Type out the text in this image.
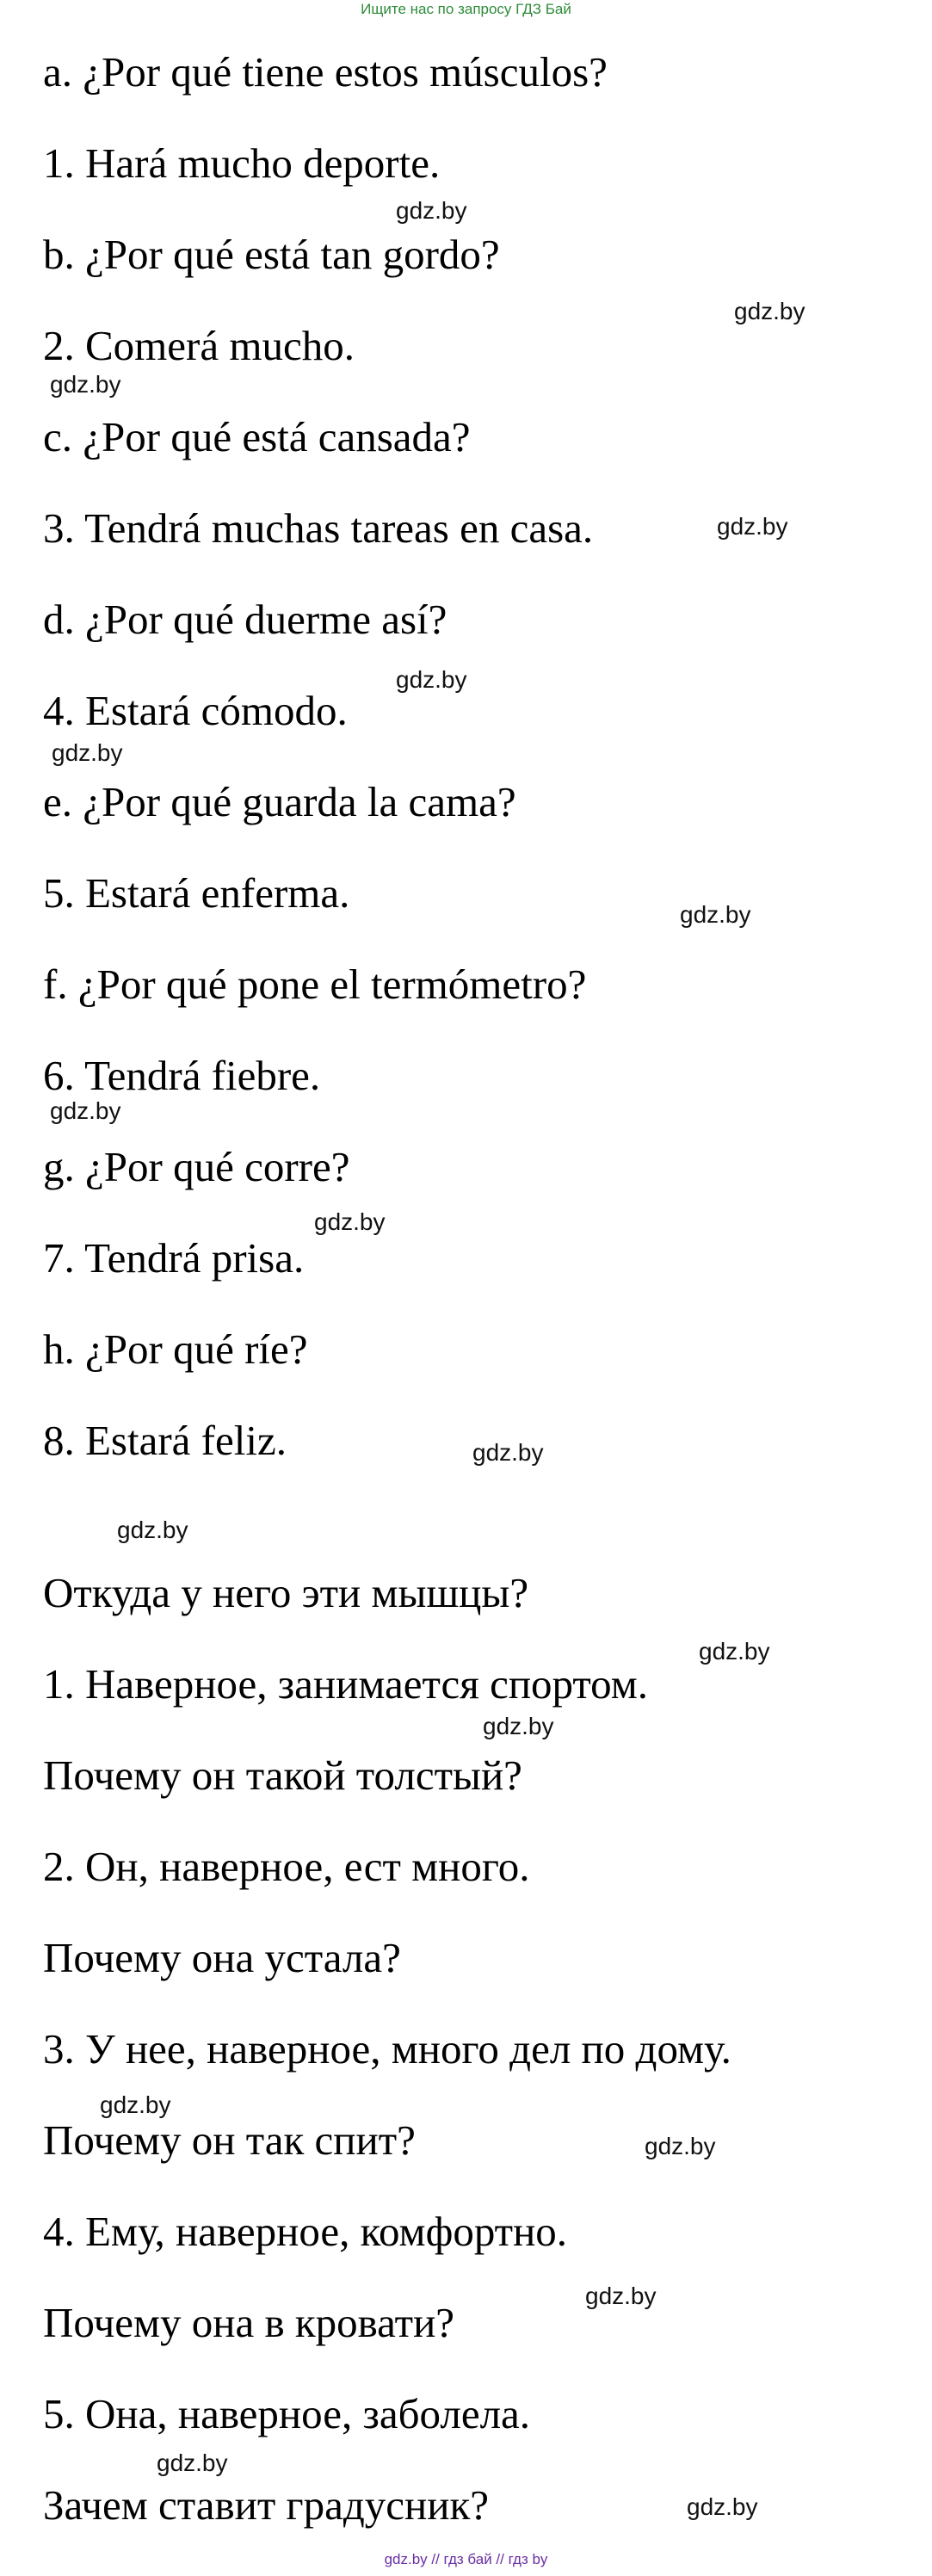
Ищите нас по запросу ГДЗ Бай
a. ¿Por qué tiene estos músculos?
1. Hará mucho deporte.
b. ¿Por qué está tan gordo?
2. Comerá mucho.
c. ¿Por qué está cansada?
3. Tendrá muchas tareas en casa.
d. ¿Por qué duerme así?
4. Estará cómodo.
e. ¿Por qué guarda la cama?
5. Estará enferma.
f. ¿Por qué pone el termómetro?
6. Tendrá fiebre.
g. ¿Por qué corre?
7. Tendrá prisa.
h. ¿Por qué ríe?
8. Estará feliz.
Откуда у него эти мышцы?
1. Наверное, занимается спортом.
Почему он такой толстый?
2. Он, наверное, ест много.
Почему она устала?
3. У нее, наверное, много дел по дому.
Почему он так спит?
4. Ему, наверное, комфортно.
Почему она в кровати?
5. Она, наверное, заболела.
Зачем ставит градусник?
gdz.by
gdz.by
gdz.by
gdz.by
gdz.by
gdz.by
gdz.by
gdz.by
gdz.by
gdz.by
gdz.by
gdz.by
gdz.by
gdz.by
gdz.by
gdz.by
gdz.by
gdz.by
gdz.by // гдз бай // гдз by
